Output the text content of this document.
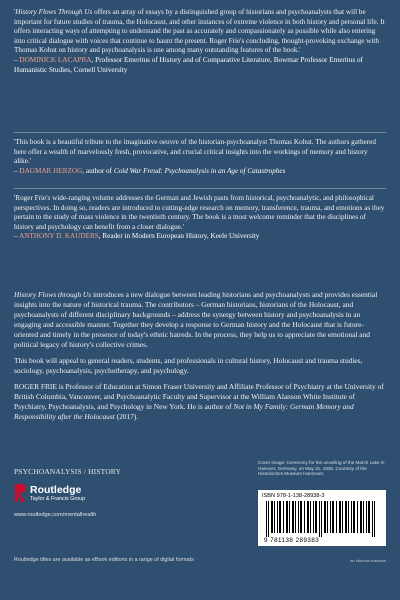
'History Flows Through Us offers an array of essays by a distinguished group of historians and psychoanalysts that will be important for future studies of trauma, the Holocaust, and other instances of extreme violence in both history and personal life. It offers interacting ways of attempting to understand the past as accurately and compassionately as possible while also entering into critical dialogue with voices that continue to haunt the present. Roger Frie's concluding, thought-provoking exchange with Thomas Kohut on history and psychoanalysis is one among many outstanding features of the book.'

– DOMINICK LACAPRA, Professor Emeritus of History and of Comparative Literature, Bowmar Professor Emeritus of Humanistic Studies, Cornell University

'This book is a beautiful tribute to the imaginative oeuvre of the historian-psychoanalyst Thomas Kohut. The authors gathered here offer a wealth of marvelously fresh, provocative, and crucial critical insights into the workings of memory and history alike.'

– DAGMAR HERZOG, author of Cold War Freud: Psychoanalysis in an Age of Catastrophes

'Roger Frie's wide-ranging volume addresses the German and Jewish pasts from historical, psychoanalytic, and philosophical perspectives. In doing so, readers are introduced to cutting-edge research on memory, transference, trauma, and emotions as they pertain to the study of mass violence in the twentieth century. The book is a most welcome reminder that the disciplines of history and psychology can benefit from a closer dialogue.'

– ANTHONY D. KAUDERS, Reader in Modern European History, Keele University

History Flows through Us introduces a new dialogue between leading historians and psychoanalysts and provides essential insights into the nature of historical trauma. The contributors – German historians, historians of the Holocaust, and psychoanalysts of different disciplinary backgrounds – address the synergy between history and psychoanalysis in an engaging and accessible manner. Together they develop a response to German history and the Holocaust that is future-oriented and timely in the presence of today's ethnic hatreds. In the process, they help us to appreciate the emotional and political legacy of history's collective crimes.

This book will appeal to general readers, students, and professionals in cultural history, Holocaust and trauma studies, sociology, psychoanalysis, psychotherapy, and psychology.

ROGER FRIE is Professor of Education at Simon Fraser University and Affiliate Professor of Psychiatry at the University of British Columbia, Vancouver, and Psychoanalytic Faculty and Supervisor at the William Alanson White Institute of Psychiatry, Psychoanalysis, and Psychology in New York. He is author of Not in My Family: German Memory and Responsibility after the Holocaust (2017).

PSYCHOANALYSIS / HISTORY
Routledge
Taylor & Francis Group
www.routledge.com/mentalhealth
Cover image: Ceremony for the unveiling of the March Lake in Hanover, Germany, on May 31, 1936. Courtesy of the Historisches Museum Hannover.
ISBN 978-1-138-28938-3
9 781138 289383
Routledge titles are available as eBook editions in a range of digital formats	an informa business
